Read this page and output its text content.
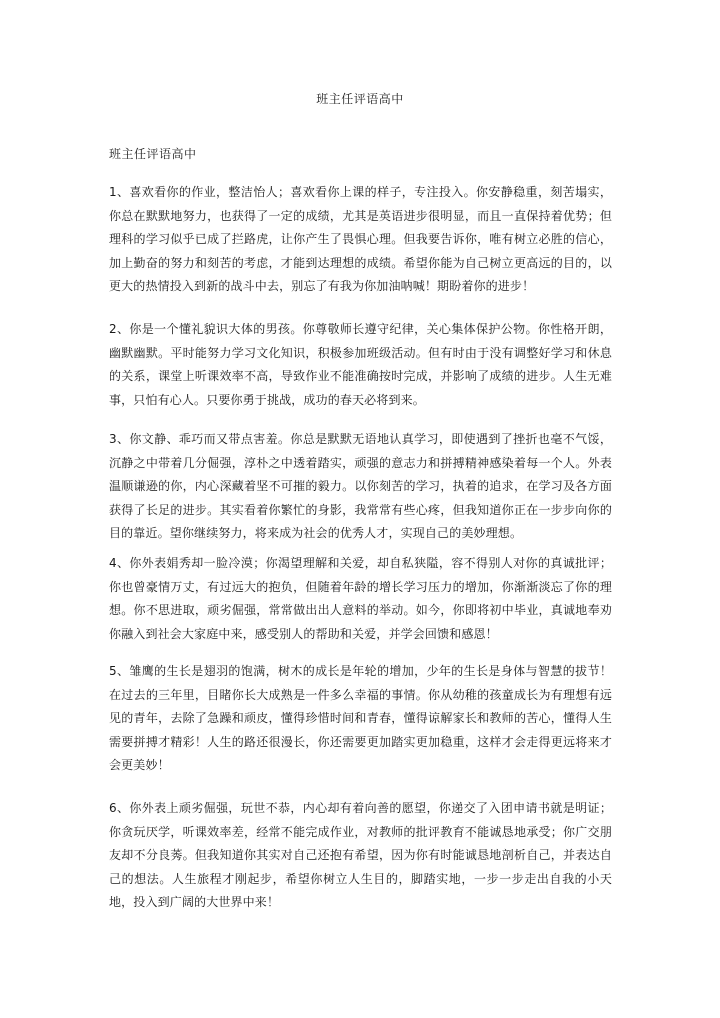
班主任评语高中
班主任评语高中

1、喜欢看你的作业，整洁怡人；喜欢看你上课的样子，专注投入。你安静稳重，刻苦塌实，你总在默默地努力，也获得了一定的成绩，尤其是英语进步很明显，而且一直保持着优势；但理科的学习似乎已成了拦路虎，让你产生了畏惧心理。但我要告诉你，唯有树立必胜的信心，加上勤奋的努力和刻苦的考虑，才能到达理想的成绩。希望你能为自己树立更高远的目的，以更大的热情投入到新的战斗中去，别忘了有我为你加油呐喊！期盼着你的进步！

2、你是一个懂礼貌识大体的男孩。你尊敬师长遵守纪律，关心集体保护公物。你性格开朗，幽默幽默。平时能努力学习文化知识，积极参加班级活动。但有时由于没有调整好学习和休息的关系，课堂上听课效率不高，导致作业不能准确按时完成，并影响了成绩的进步。人生无难事，只怕有心人。只要你勇于挑战，成功的春天必将到来。

3、你文静、乖巧而又带点害羞。你总是默默无语地认真学习，即使遇到了挫折也毫不气馁，沉静之中带着几分倔强，淳朴之中透着踏实，顽强的意志力和拼搏精神感染着每一个人。外表温顺谦逊的你，内心深藏着坚不可摧的毅力。以你刻苦的学习，执着的追求，在学习及各方面获得了长足的进步。其实看着你繁忙的身影，我常常有些心疼，但我知道你正在一步步向你的目的靠近。望你继续努力，将来成为社会的优秀人才，实现自己的美妙理想。

4、你外表娟秀却一脸冷漠；你渴望理解和关爱，却自私狭隘，容不得别人对你的真诚批评；你也曾豪情万丈，有过远大的抱负，但随着年龄的增长学习压力的增加，你渐渐淡忘了你的理想。你不思进取，顽劣倔强，常常做出出人意料的举动。如今，你即将初中毕业，真诚地奉劝你融入到社会大家庭中来，感受别人的帮助和关爱，并学会回馈和感恩！

5、雏鹰的生长是翅羽的饱满，树木的成长是年轮的增加，少年的生长是身体与智慧的拔节！在过去的三年里，目睹你长大成熟是一件多么幸福的事情。你从幼稚的孩童成长为有理想有远见的青年，去除了急躁和顽皮，懂得珍惜时间和青春，懂得谅解家长和教师的苦心，懂得人生需要拼搏才精彩！人生的路还很漫长，你还需要更加踏实更加稳重，这样才会走得更远将来才会更美妙！

6、你外表上顽劣倔强，玩世不恭，内心却有着向善的愿望，你递交了入团申请书就是明证；你贪玩厌学，听课效率差，经常不能完成作业，对教师的批评教育不能诚恳地承受；你广交朋友却不分良莠。但我知道你其实对自己还抱有希望，因为你有时能诚恳地剖析自己，并表达自己的想法。人生旅程才刚起步，希望你树立人生目的，脚踏实地，一步一步走出自我的小天地，投入到广阔的大世界中来！
